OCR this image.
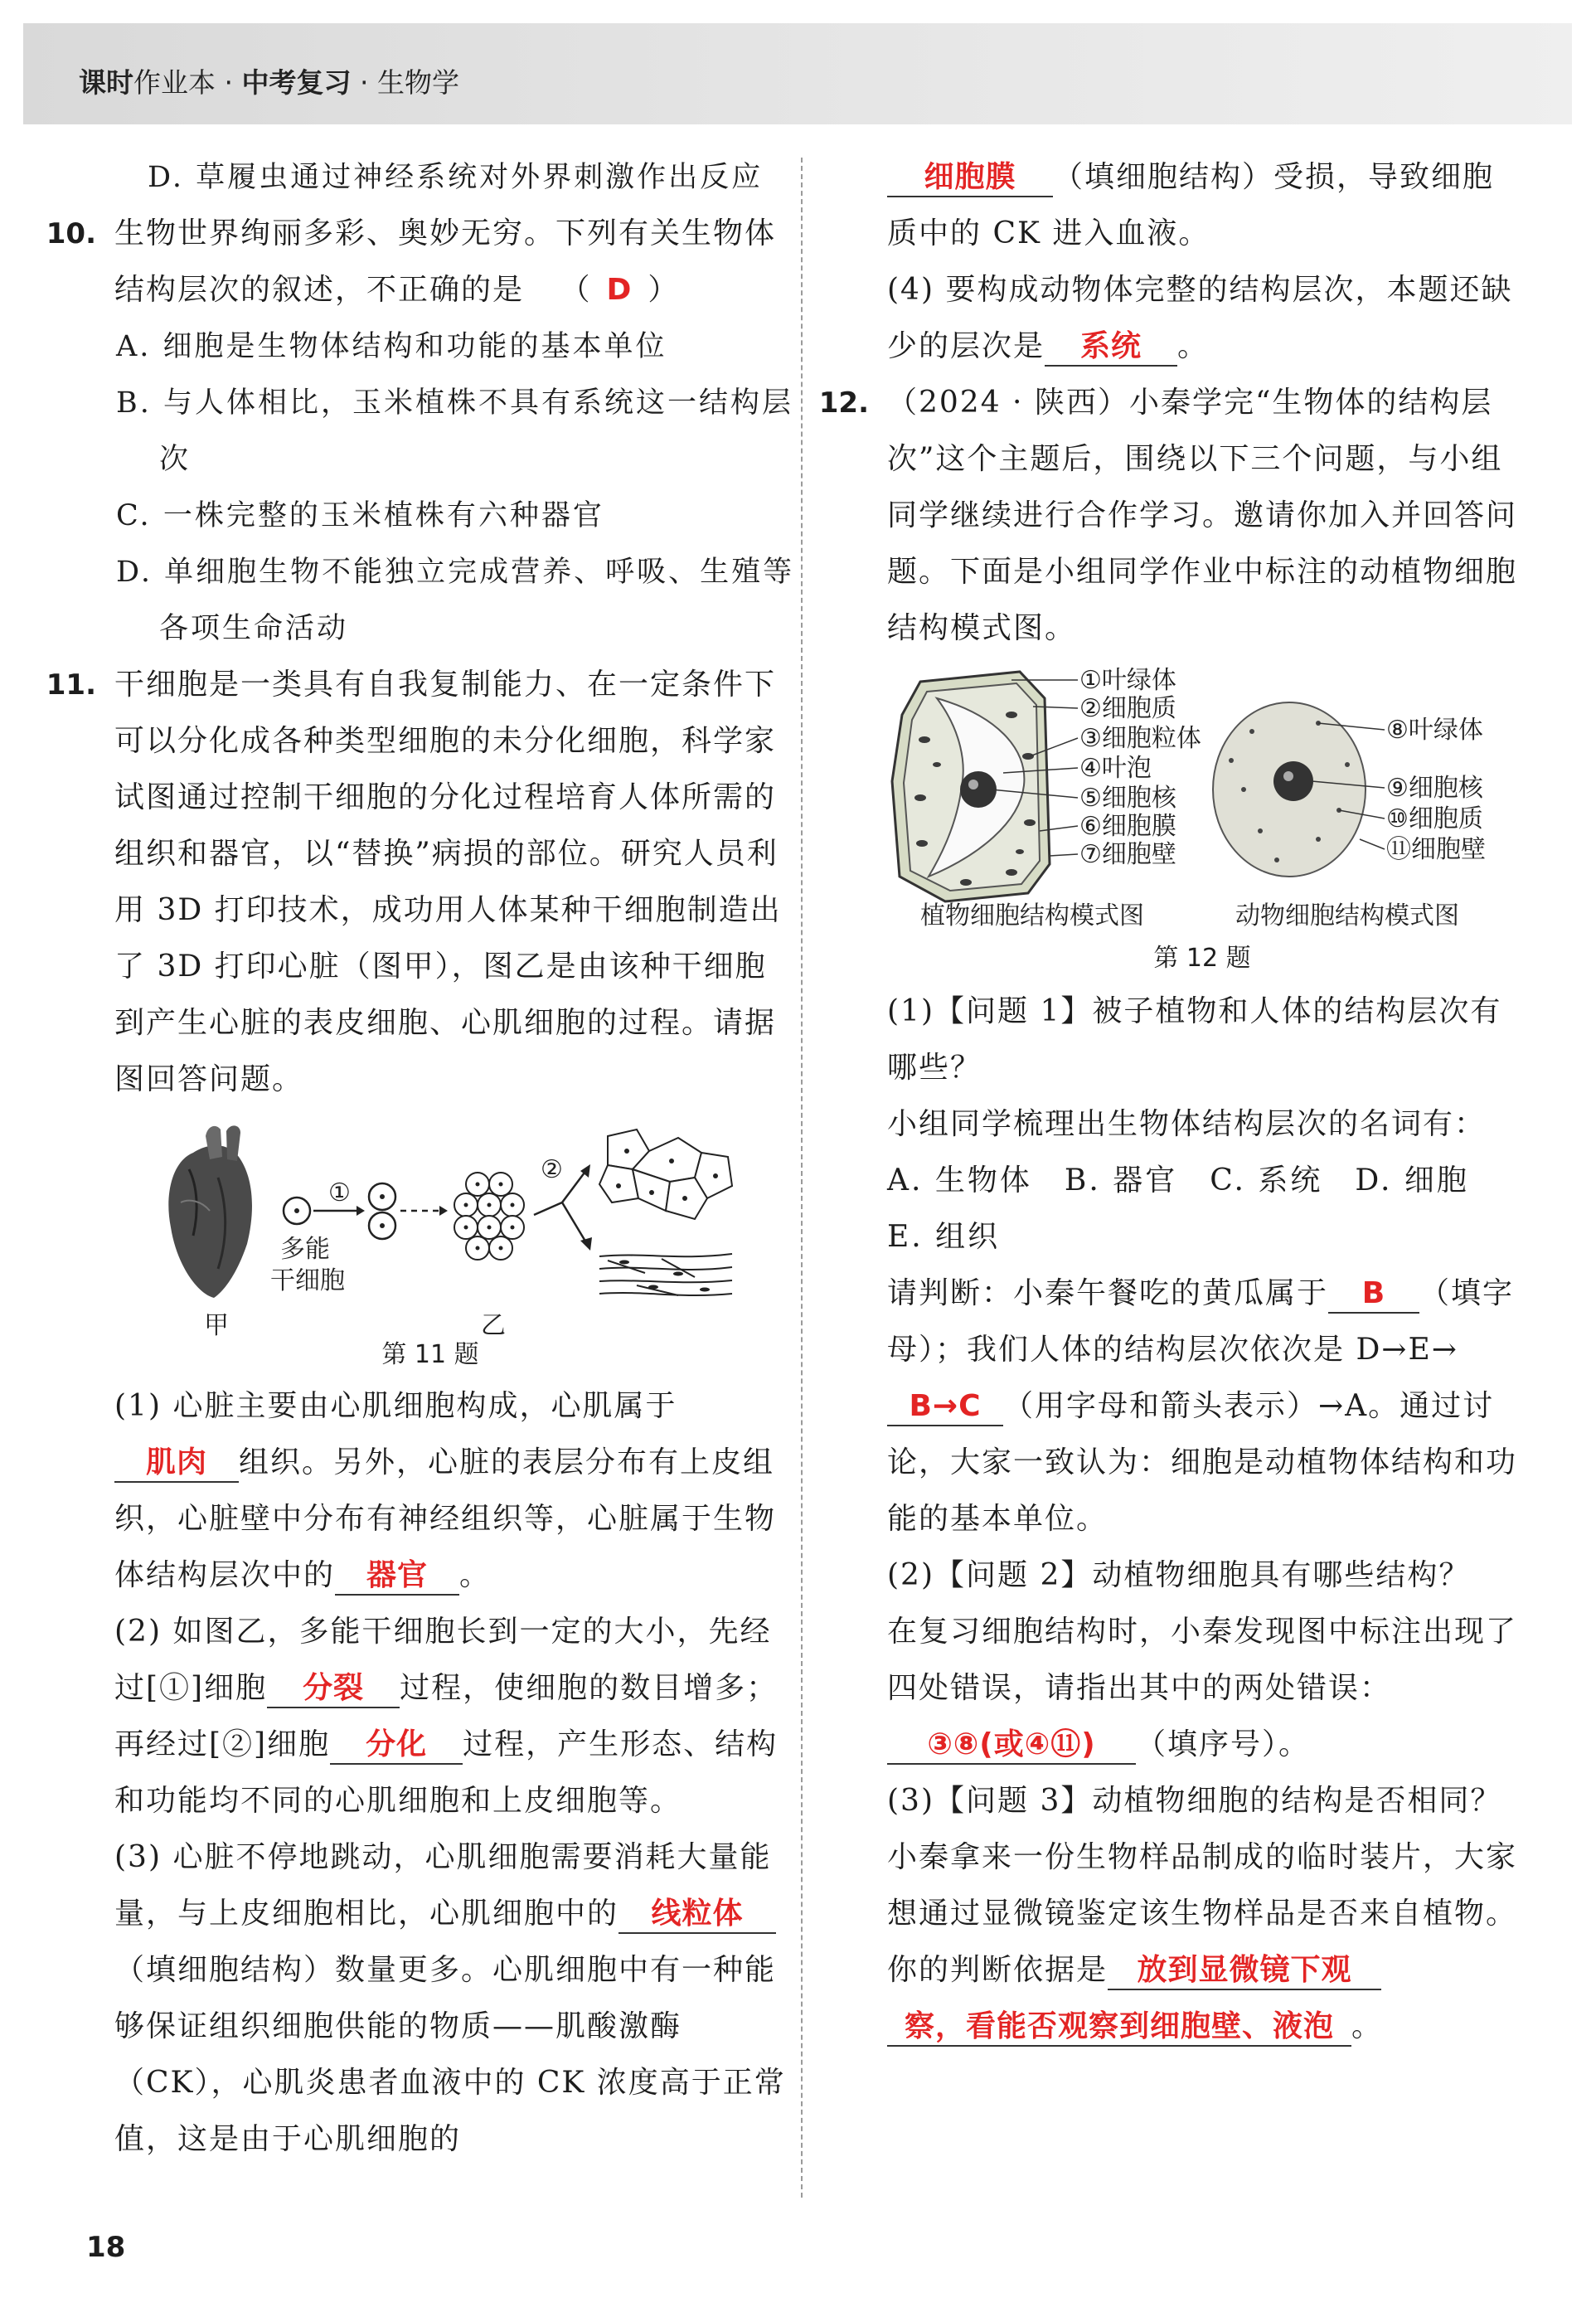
课时作业本 · 中考复习 · 生物学

D. 草履虫通过神经系统对外界刺激作出反应

10. 生物世界绚丽多彩、奥妙无穷。下列有关生物体结构层次的叙述，不正确的是 （ D ）

A. 细胞是生物体结构和功能的基本单位

B. 与人体相比，玉米植株不具有系统这一结构层次

C. 一株完整的玉米植株有六种器官

D. 单细胞生物不能独立完成营养、呼吸、生殖等各项生命活动

11. 干细胞是一类具有自我复制能力、在一定条件下可以分化成各种类型细胞的未分化细胞，科学家试图通过控制干细胞的分化过程培育人体所需的组织和器官，以“替换”病损的部位。研究人员利用 3D 打印技术，成功用人体某种干细胞制造出了 3D 打印心脏（图甲），图乙是由该种干细胞到产生心脏的表皮细胞、心肌细胞的过程。请据图回答问题。

甲
多能
干细胞
①
乙
②

第 11 题

(1) 心脏主要由心肌细胞构成，心肌属于肌肉 组织。另外，心脏的表层分布有上皮组织，心脏壁中分布有神经组织等，心脏属于生物体结构层次中的 器官 。

(2) 如图乙，多能干细胞长到一定的大小，先经过[①]细胞 分裂 过程，使细胞的数目增多；再经过[②]细胞 分化 过程，产生形态、结构和功能均不同的心肌细胞和上皮细胞等。

(3) 心脏不停地跳动，心肌细胞需要消耗大量能量，与上皮细胞相比，心肌细胞中的 线粒体（填细胞结构）数量更多。心肌细胞中有一种能够保证组织细胞供能的物质——肌酸激酶（CK），心肌炎患者血液中的 CK 浓度高于正常值，这是由于心肌细胞的

细胞膜 （填细胞结构）受损，导致细胞质中的 CK 进入血液。

(4) 要构成动物体完整的结构层次，本题还缺少的层次是 系统 。

12. （2024 · 陕西）小秦学完“生物体的结构层次”这个主题后，围绕以下三个问题，与小组同学继续进行合作学习。邀请你加入并回答问题。下面是小组同学作业中标注的动植物细胞结构模式图。

①叶绿体
②细胞质
③细胞粒体
④叶泡
⑤细胞核
⑥细胞膜
⑦细胞壁
⑧叶绿体
⑨细胞核
⑩细胞质
⑪细胞壁
植物细胞结构模式图	动物细胞结构模式图

第 12 题

(1)【问题 1】被子植物和人体的结构层次有哪些？

小组同学梳理出生物体结构层次的名词有：

A. 生物体　B. 器官　C. 系统　D. 细胞　E. 组织

请判断：小秦午餐吃的黄瓜属于 B （填字母）；我们人体的结构层次依次是 D→E→B→C （用字母和箭头表示）→A。通过讨论，大家一致认为：细胞是动植物体结构和功能的基本单位。

(2)【问题 2】动植物细胞具有哪些结构？

在复习细胞结构时，小秦发现图中标注出现了四处错误，请指出其中的两处错误：③⑧(或④⑪) （填序号）。

(3)【问题 3】动植物细胞的结构是否相同？

小秦拿来一份生物样品制成的临时装片，大家想通过显微镜鉴定该生物样品是否来自植物。你的判断依据是 放到显微镜下观察，看能否观察到细胞壁、液泡 。

18
